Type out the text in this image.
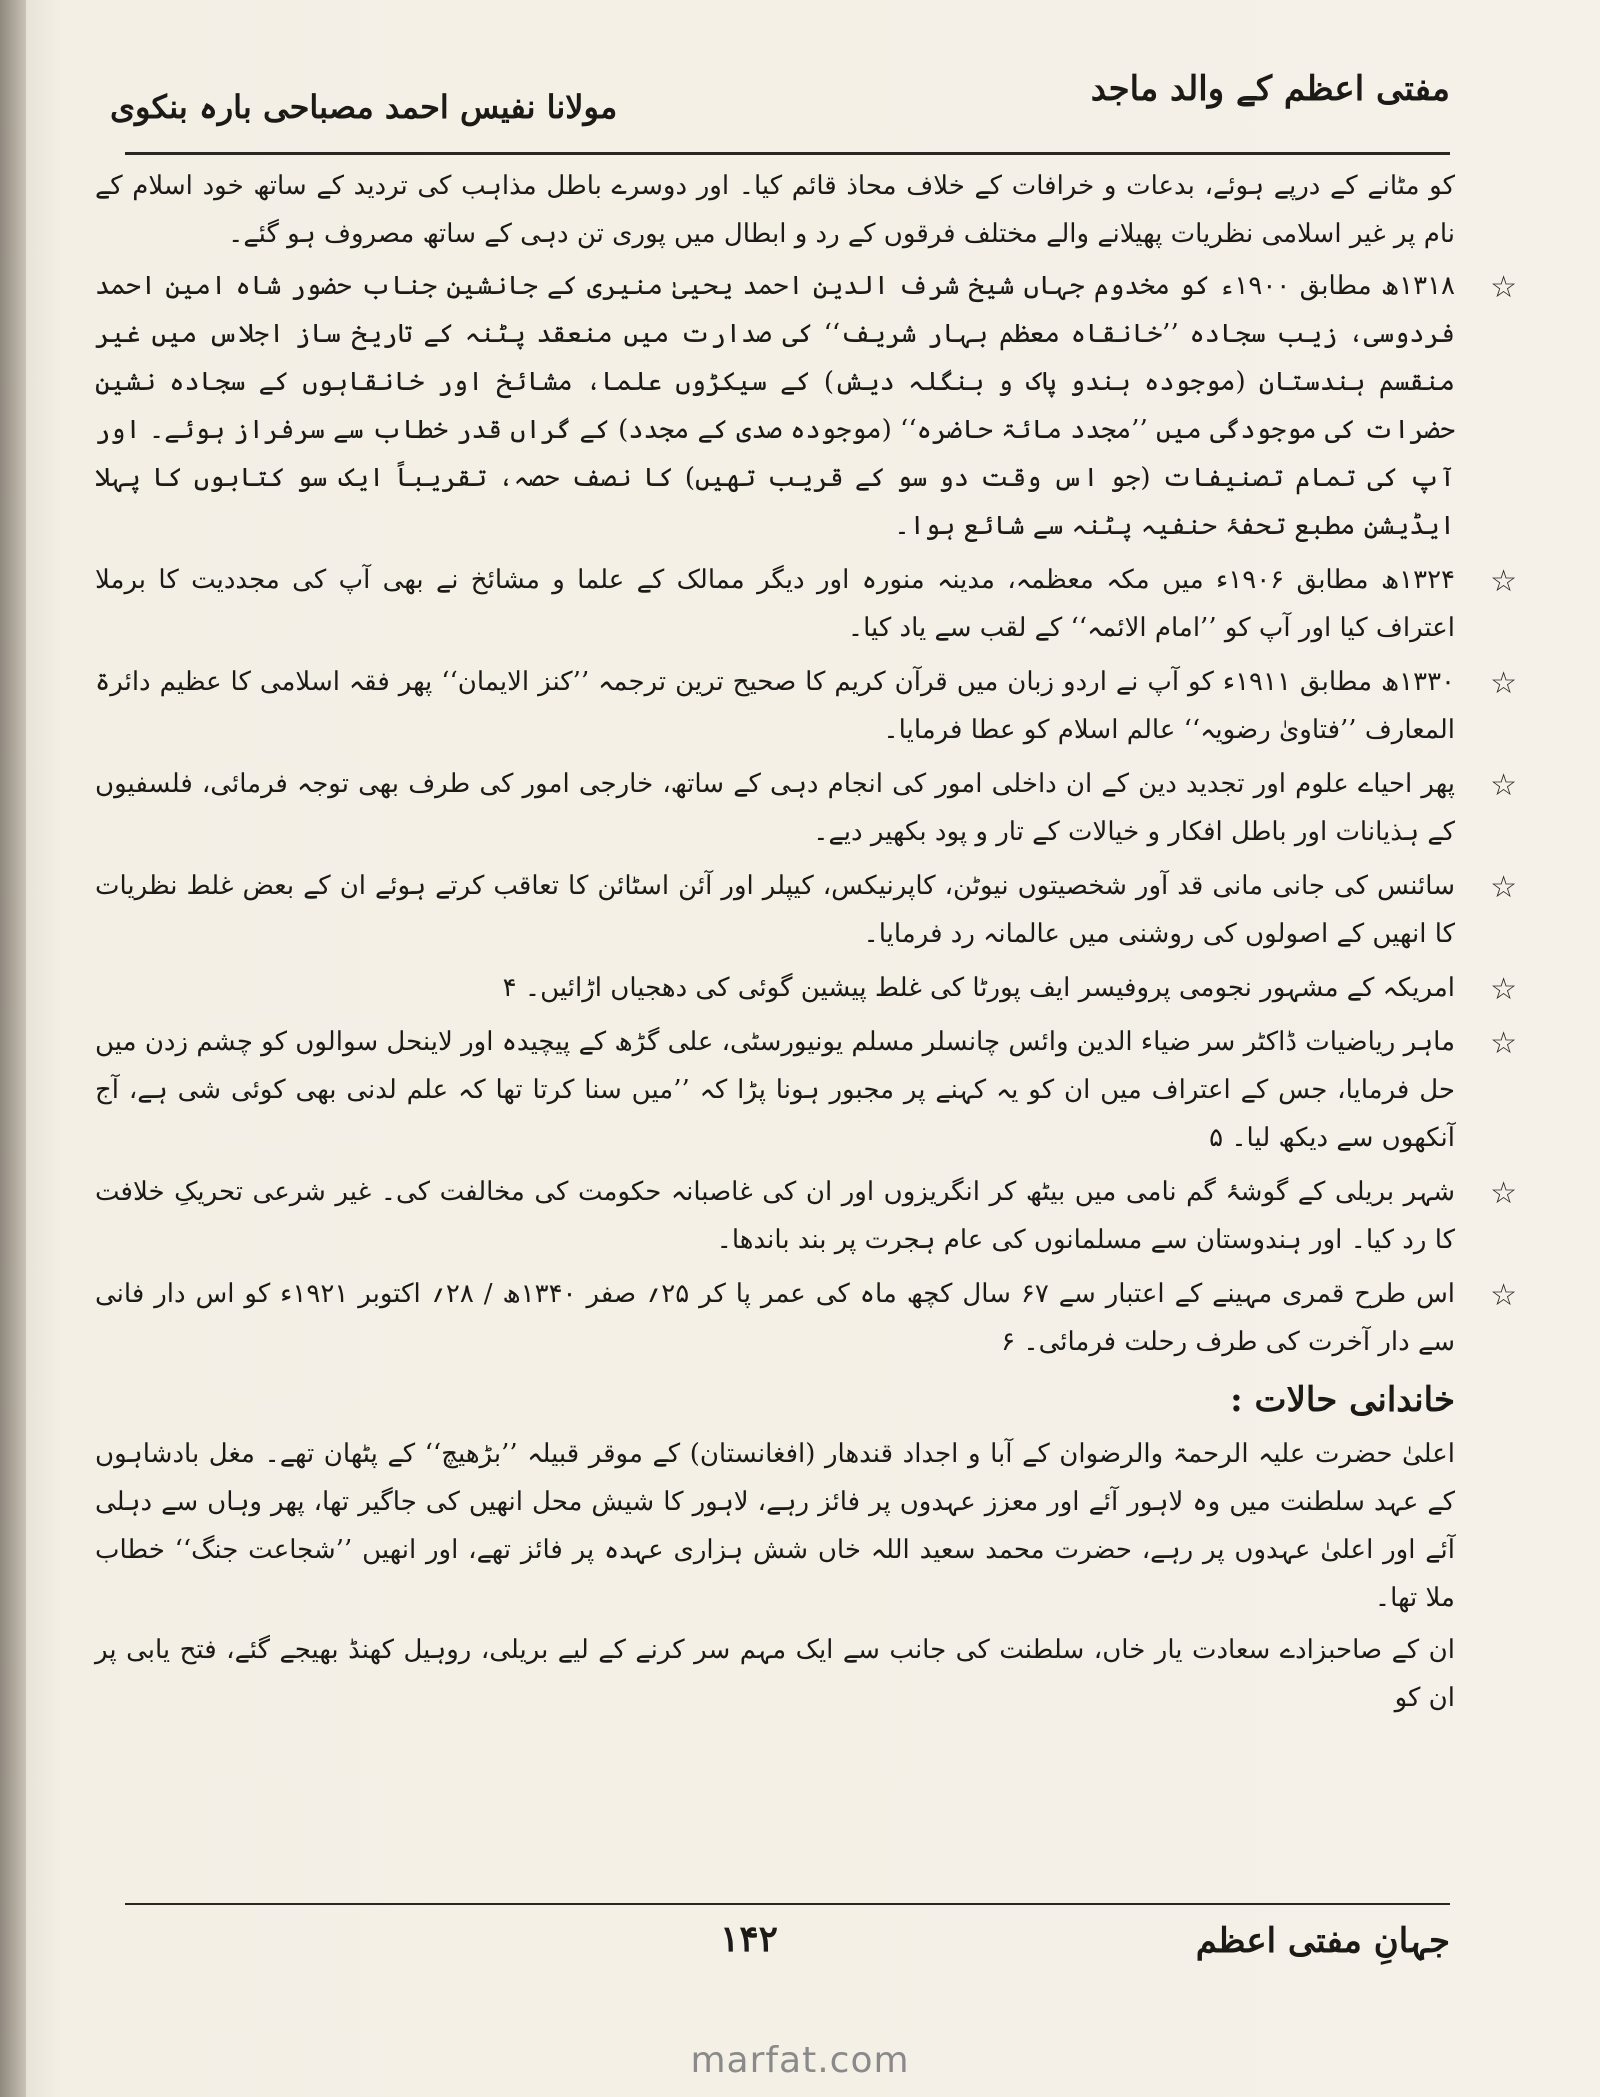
مفتی اعظم کے والد ماجد
مولانا نفیس احمد مصباحی بارہ بنکوی

کو مٹانے کے درپے ہوئے، بدعات و خرافات کے خلاف محاذ قائم کیا۔ اور دوسرے باطل مذاہب کی تردید کے ساتھ خود اسلام کے نام پر غیر اسلامی نظریات پھیلانے والے مختلف فرقوں کے رد و ابطال میں پوری تن دہی کے ساتھ مصروف ہو گئے۔

☆
۱۳۱۸ھ مطابق ۱۹۰۰ء کو مخدوم جہاں شیخ شرف الدین احمد یحییٰ منیری کے جانشین جناب حضور شاہ امین احمد فردوسی، زیب سجادہ ’’خانقاہ معظم بہار شریف‘‘ کی صدارت میں منعقد پٹنہ کے تاریخ ساز اجلاس میں غیر منقسم ہندستان (موجودہ ہندو پاک و بنگلہ دیش) کے سیکڑوں علما، مشائخ اور خانقاہوں کے سجادہ نشین حضرات کی موجودگی میں ’’مجدد مائۃ حاضرہ‘‘ (موجودہ صدی کے مجدد) کے گراں قدر خطاب سے سرفراز ہوئے۔ اور آپ کی تمام تصنیفات (جو اس وقت دو سو کے قریب تھیں) کا نصف حصہ، تقریباً ایک سو کتابوں کا پہلا ایڈیشن مطبع تحفۂ حنفیہ پٹنہ سے شائع ہوا۔
☆
۱۳۲۴ھ مطابق ۱۹۰۶ء میں مکہ معظمہ، مدینہ منورہ اور دیگر ممالک کے علما و مشائخ نے بھی آپ کی مجددیت کا برملا اعتراف کیا اور آپ کو ’’امام الائمہ‘‘ کے لقب سے یاد کیا۔
☆
۱۳۳۰ھ مطابق ۱۹۱۱ء کو آپ نے اردو زبان میں قرآن کریم کا صحیح ترین ترجمہ ’’کنز الایمان‘‘ پھر فقہ اسلامی کا عظیم دائرۃ المعارف ’’فتاویٰ رضویہ‘‘ عالم اسلام کو عطا فرمایا۔
☆
پھر احیاے علوم اور تجدید دین کے ان داخلی امور کی انجام دہی کے ساتھ، خارجی امور کی طرف بھی توجہ فرمائی، فلسفیوں کے ہذیانات اور باطل افکار و خیالات کے تار و پود بکھیر دیے۔
☆
سائنس کی جانی مانی قد آور شخصیتوں نیوٹن، کاپرنیکس، کیپلر اور آئن اسٹائن کا تعاقب کرتے ہوئے ان کے بعض غلط نظریات کا انھیں کے اصولوں کی روشنی میں عالمانہ رد فرمایا۔
☆
امریکہ کے مشہور نجومی پروفیسر ایف پورٹا کی غلط پیشین گوئی کی دھجیاں اڑائیں۔ ۴
☆
ماہر ریاضیات ڈاکٹر سر ضیاء الدین وائس چانسلر مسلم یونیورسٹی، علی گڑھ کے پیچیدہ اور لاینحل سوالوں کو چشم زدن میں حل فرمایا، جس کے اعتراف میں ان کو یہ کہنے پر مجبور ہونا پڑا کہ ’’میں سنا کرتا تھا کہ علم لدنی بھی کوئی شی ہے، آج آنکھوں سے دیکھ لیا۔ ۵
☆
شہر بریلی کے گوشۂ گم نامی میں بیٹھ کر انگریزوں اور ان کی غاصبانہ حکومت کی مخالفت کی۔ غیر شرعی تحریکِ خلافت کا رد کیا۔ اور ہندوستان سے مسلمانوں کی عام ہجرت پر بند باندھا۔
☆
اس طرح قمری مہینے کے اعتبار سے ۶۷ سال کچھ ماہ کی عمر پا کر ۲۵؍ صفر ۱۳۴۰ھ / ۲۸؍ اکتوبر ۱۹۲۱ء کو اس دار فانی سے دار آخرت کی طرف رحلت فرمائی۔ ۶
خاندانی حالات :

اعلیٰ حضرت علیہ الرحمۃ والرضوان کے آبا و اجداد قندھار (افغانستان) کے موقر قبیلہ ’’بڑھیچ‘‘ کے پٹھان تھے۔ مغل بادشاہوں کے عہد سلطنت میں وہ لاہور آئے اور معزز عہدوں پر فائز رہے، لاہور کا شیش محل انھیں کی جاگیر تھا، پھر وہاں سے دہلی آئے اور اعلیٰ عہدوں پر رہے، حضرت محمد سعید اللہ خاں شش ہزاری عہدہ پر فائز تھے، اور انھیں ’’شجاعت جنگ‘‘ خطاب ملا تھا۔

ان کے صاحبزادے سعادت یار خاں، سلطنت کی جانب سے ایک مہم سر کرنے کے لیے بریلی، روہیل کھنڈ بھیجے گئے، فتح یابی پر ان کو

جہانِ مفتی اعظم
۱۴۲
marfat.com
